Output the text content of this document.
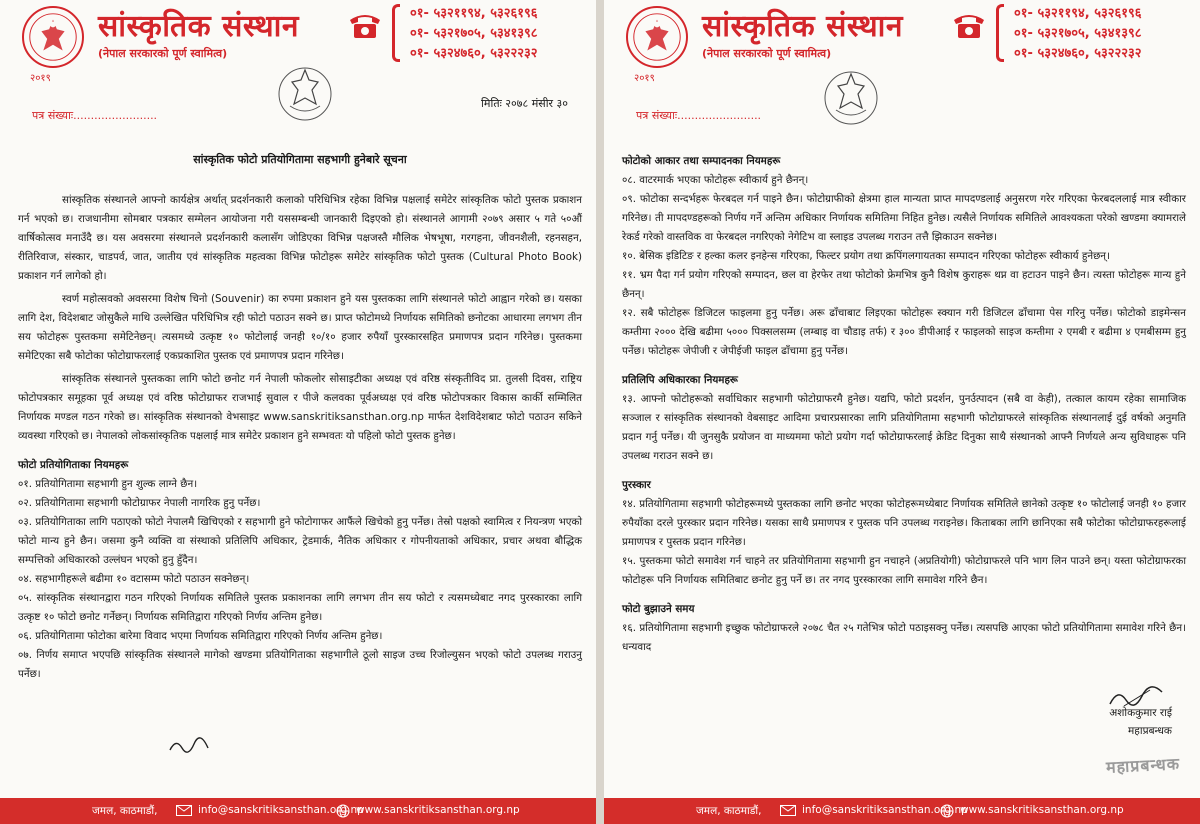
२०१९
सांस्कृतिक संस्थान
(नेपाल सरकारको पूर्ण स्वामित्व)
०१- ५३२११९४, ५३२६१९६
०१- ५३२१७०५, ५३४१३९८
०१- ५३२४७६०, ५३२२२३२
पत्र संख्याः........................
मितिः २०७८ मंसीर ३०
सांस्कृतिक फोटो प्रतियोगितामा सहभागी हुनेबारे सूचना

सांस्कृतिक संस्थानले आफ्नो कार्यक्षेत्र अर्थात् प्रदर्शनकारी कलाको परिधिभित्र रहेका विभिन्न पक्षलाई समेटेर सांस्कृतिक फोटो पुस्तक प्रकाशन गर्न भएको छ। राजधानीमा सोमबार पत्रकार सम्मेलन आयोजना गरी यससम्बन्धी जानकारी दिइएको हो। संस्थानले आगामी २०७९ असार ५ गते ५०औं वार्षिकोत्सव मनाउँदै छ। यस अवसरमा संस्थानले प्रदर्शनकारी कलासँग जोडिएका विभिन्न पक्षजस्तै मौलिक भेषभूषा, गरगहना, जीवनशैली, रहनसहन, रीतिरिवाज, संस्कार, चाडपर्व, जात, जातीय एवं सांस्कृतिक महत्वका विभिन्न फोटोहरू समेटेर सांस्कृतिक फोटो पुस्तक (Cultural Photo Book) प्रकाशन गर्न लागेको हो।

स्वर्ण महोत्सवको अवसरमा विशेष चिनो (Souvenir) का रुपमा प्रकाशन हुने यस पुस्तकका लागि संस्थानले फोटो आह्वान गरेको छ। यसका लागि देश, विदेशबाट जोसुकैले माथि उल्लेखित परिधिभित्र रही फोटो पठाउन सक्ने छ। प्राप्त फोटोमध्ये निर्णायक समितिको छनोटका आधारमा लगभग तीन सय फोटोहरू पुस्तकमा समेटिनेछन्। त्यसमध्ये उत्कृष्ट १० फोटोलाई जनही १०/१० हजार रुपैयाँ पुरस्कारसहित प्रमाणपत्र प्रदान गरिनेछ। पुस्तकमा समेटिएका सबै फोटोका फोटोग्राफरलाई एकप्रकाशित पुस्तक एवं प्रमाणपत्र प्रदान गरिनेछ।

सांस्कृतिक संस्थानले पुस्तकका लागि फोटो छनोट गर्न नेपाली फोकलोर सोसाइटीका अध्यक्ष एवं वरिष्ठ संस्कृतीविद प्रा. तुलसी दिवस, राष्ट्रिय फोटोपत्रकार समूहका पूर्व अध्यक्ष एवं वरिष्ठ फोटोग्राफर राजभाई सुवाल र पीजे कलवका पूर्वअध्यक्ष एवं वरिष्ठ फोटोपत्रकार विकास कार्की सम्मिलित निर्णायक मण्डल गठन गरेको छ। सांस्कृतिक संस्थानको वेभसाइट www.sanskritiksansthan.org.np मार्फत देशविदेशबाट फोटो पठाउन सकिने व्यवस्था गरिएको छ। नेपालको लोकसांस्कृतिक पक्षलाई मात्र समेटेर प्रकाशन हुने सम्भवतः यो पहिलो फोटो पुस्तक हुनेछ।

फोटो प्रतियोगिताका नियमहरू
०१. प्रतियोगितामा सहभागी हुन शुल्क लाग्ने छैन।
०२. प्रतियोगितामा सहभागी फोटोग्राफर नेपाली नागरिक हुनु पर्नेछ।
०३. प्रतियोगिताका लागि पठाएको फोटो नेपालमै खिचिएको र सहभागी हुने फोटोगाफर आफैंले खिचेको हुनु पर्नेछ। तेस्रो पक्षको स्वामित्व र नियन्त्रण भएको फोटो मान्य हुने छैन। जसमा कुनै व्यक्ति वा संस्थाको प्रतिलिपि अधिकार, ट्रेडमार्क, नैतिक अधिकार र गोपनीयताको अधिकार, प्रचार अथवा बौद्धिक सम्पत्तिको अधिकारको उल्लंघन भएको हुनु हुँदैन।
०४. सहभागीहरूले बढीमा १० वटासम्म फोटो पठाउन सक्नेछन्।
०५. सांस्कृतिक संस्थानद्वारा गठन गरिएको निर्णायक समितिले पुस्तक प्रकाशनका लागि लगभग तीन सय फोटो र त्यसमध्येबाट नगद पुरस्कारका लागि उत्कृष्ट १० फोटो छनोट गर्नेछन्। निर्णायक समितिद्वारा गरिएको निर्णय अन्तिम हुनेछ।
०६. प्रतियोगितामा फोटोका बारेमा विवाद भएमा निर्णायक समितिद्वारा गरिएको निर्णय अन्तिम हुनेछ।
०७. निर्णय समाप्त भएपछि सांस्कृतिक संस्थानले मागेको खण्डमा प्रतियोगिताका सहभागीले ठूलो साइज उच्च रिजोल्युसन भएको फोटो उपलब्ध गराउनु पर्नेछ।
जमल, काठमाडौं,	info@sanskritiksansthan.org.np
www.sanskritiksansthan.org.np
२०१९
सांस्कृतिक संस्थान
(नेपाल सरकारको पूर्ण स्वामित्व)
०१- ५३२११९४, ५३२६१९६
०१- ५३२१७०५, ५३४१३९८
०१- ५३२४७६०, ५३२२२३२
पत्र संख्याः........................
फोटोको आकार तथा सम्पादनका नियमहरू
०८. वाटरमार्क भएका फोटोहरू स्वीकार्य हुने छैनन्।
०९. फोटोका सन्दर्भहरू फेरबदल गर्न पाइने छैन। फोटोग्राफीको क्षेत्रमा हाल मान्यता प्राप्त मापदण्डलाई अनुसरण गरेर गरिएका फेरबदललाई मात्र स्वीकार गरिनेछ। ती मापदण्डहरूको निर्णय गर्ने अन्तिम अधिकार निर्णायक समितिमा निहित हुनेछ। त्यसैले निर्णायक समितिले आवश्यकता परेको खण्डमा क्यामराले रेकर्ड गरेको वास्तविक वा फेरबदल नगरिएको नेगेटिभ वा स्लाइड उपलब्ध गराउन तत्तै झिकाउन सक्नेछ।
१०. बेसिक इडिटिङ र हल्का कलर इनहेन्स गरिएका, फिल्टर प्रयोग तथा क्रपिंगलगायतका सम्पादन गरिएका फोटोहरू स्वीकार्य हुनेछन्।
११. भ्रम पैदा गर्न प्रयोग गरिएको सम्पादन, छल वा हेरफेर तथा फोटोको फ्रेमभित्र कुनै विशेष कुराहरू थप्न वा हटाउन पाइने छैन। त्यस्ता फोटोहरू मान्य हुने छैनन्।
१२. सबै फोटोहरू डिजिटल फाइलमा हुनु पर्नेछ। अरू ढाँचाबाट लिइएका फोटोहरू स्क्यान गरी डिजिटल ढाँचामा पेस गरिनु पर्नेछ। फोटोको डाइमेन्सन कम्तीमा २००० देखि बढीमा ५००० पिक्सलसम्म (लम्बाइ वा चौडाइ तर्फ) र ३०० डीपीआई र फाइलको साइज कम्तीमा २ एमबी र बढीमा ४ एमबीसम्म हुनु पर्नेछ। फोटोहरू जेपीजी र जेपीईजी फाइल ढाँचामा हुनु पर्नेछ।
प्रतिलिपि अधिकारका नियमहरू
१३. आफ्नो फोटोहरूको सर्वाधिकार सहभागी फोटोग्राफरमै हुनेछ। यद्यपि, फोटो प्रदर्शन, पुनर्उत्पादन (सबै वा केही), तत्काल कायम रहेका सामाजिक सञ्जाल र सांस्कृतिक संस्थानको वेबसाइट आदिमा प्रचारप्रसारका लागि प्रतियोगितामा सहभागी फोटोग्राफरले सांस्कृतिक संस्थानलाई दुई वर्षको अनुमति प्रदान गर्नु पर्नेछ। यी जुनसुकै प्रयोजन वा माध्यममा फोटो प्रयोग गर्दा फोटोग्राफरलाई क्रेडिट दिनुका साथै संस्थानको आफ्नै निर्णयले अन्य सुविधाहरू पनि उपलब्ध गराउन सक्ने छ।
पुरस्कार
१४. प्रतियोगितामा सहभागी फोटोहरूमध्ये पुस्तकका लागि छनोट भएका फोटोहरूमध्येबाट निर्णायक समितिले छानेको उत्कृष्ट १० फोटोलाई जनही १० हजार रुपैयाँका दरले पुरस्कार प्रदान गरिनेछ। यसका साथै प्रमाणपत्र र पुस्तक पनि उपलब्ध गराइनेछ। किताबका लागि छानिएका सबै फोटोका फोटोग्राफरहरूलाई प्रमाणपत्र र पुस्तक प्रदान गरिनेछ।
१५. पुस्तकमा फोटो समावेश गर्न चाहने तर प्रतियोगितामा सहभागी हुन नचाहने (अप्रतियोगी) फोटोग्राफरले पनि भाग लिन पाउने छन्। यस्ता फोटोग्राफरका फोटोहरू पनि निर्णायक समितिबाट छनोट हुनु पर्ने छ। तर नगद पुरस्कारका लागि समावेश गरिने छैन।
फोटो बुझाउने समय
१६. प्रतियोगितामा सहभागी इच्छुक फोटोग्राफरले २०७८ चैत २५ गतेभित्र फोटो पठाइसक्नु पर्नेछ। त्यसपछि आएका फोटो प्रतियोगितामा समावेश गरिने छैन। धन्यवाद
अशोककुमार राई
महाप्रबन्धक
महाप्रबन्धक
जमल, काठमाडौं,	info@sanskritiksansthan.org.np
www.sanskritiksansthan.org.np
